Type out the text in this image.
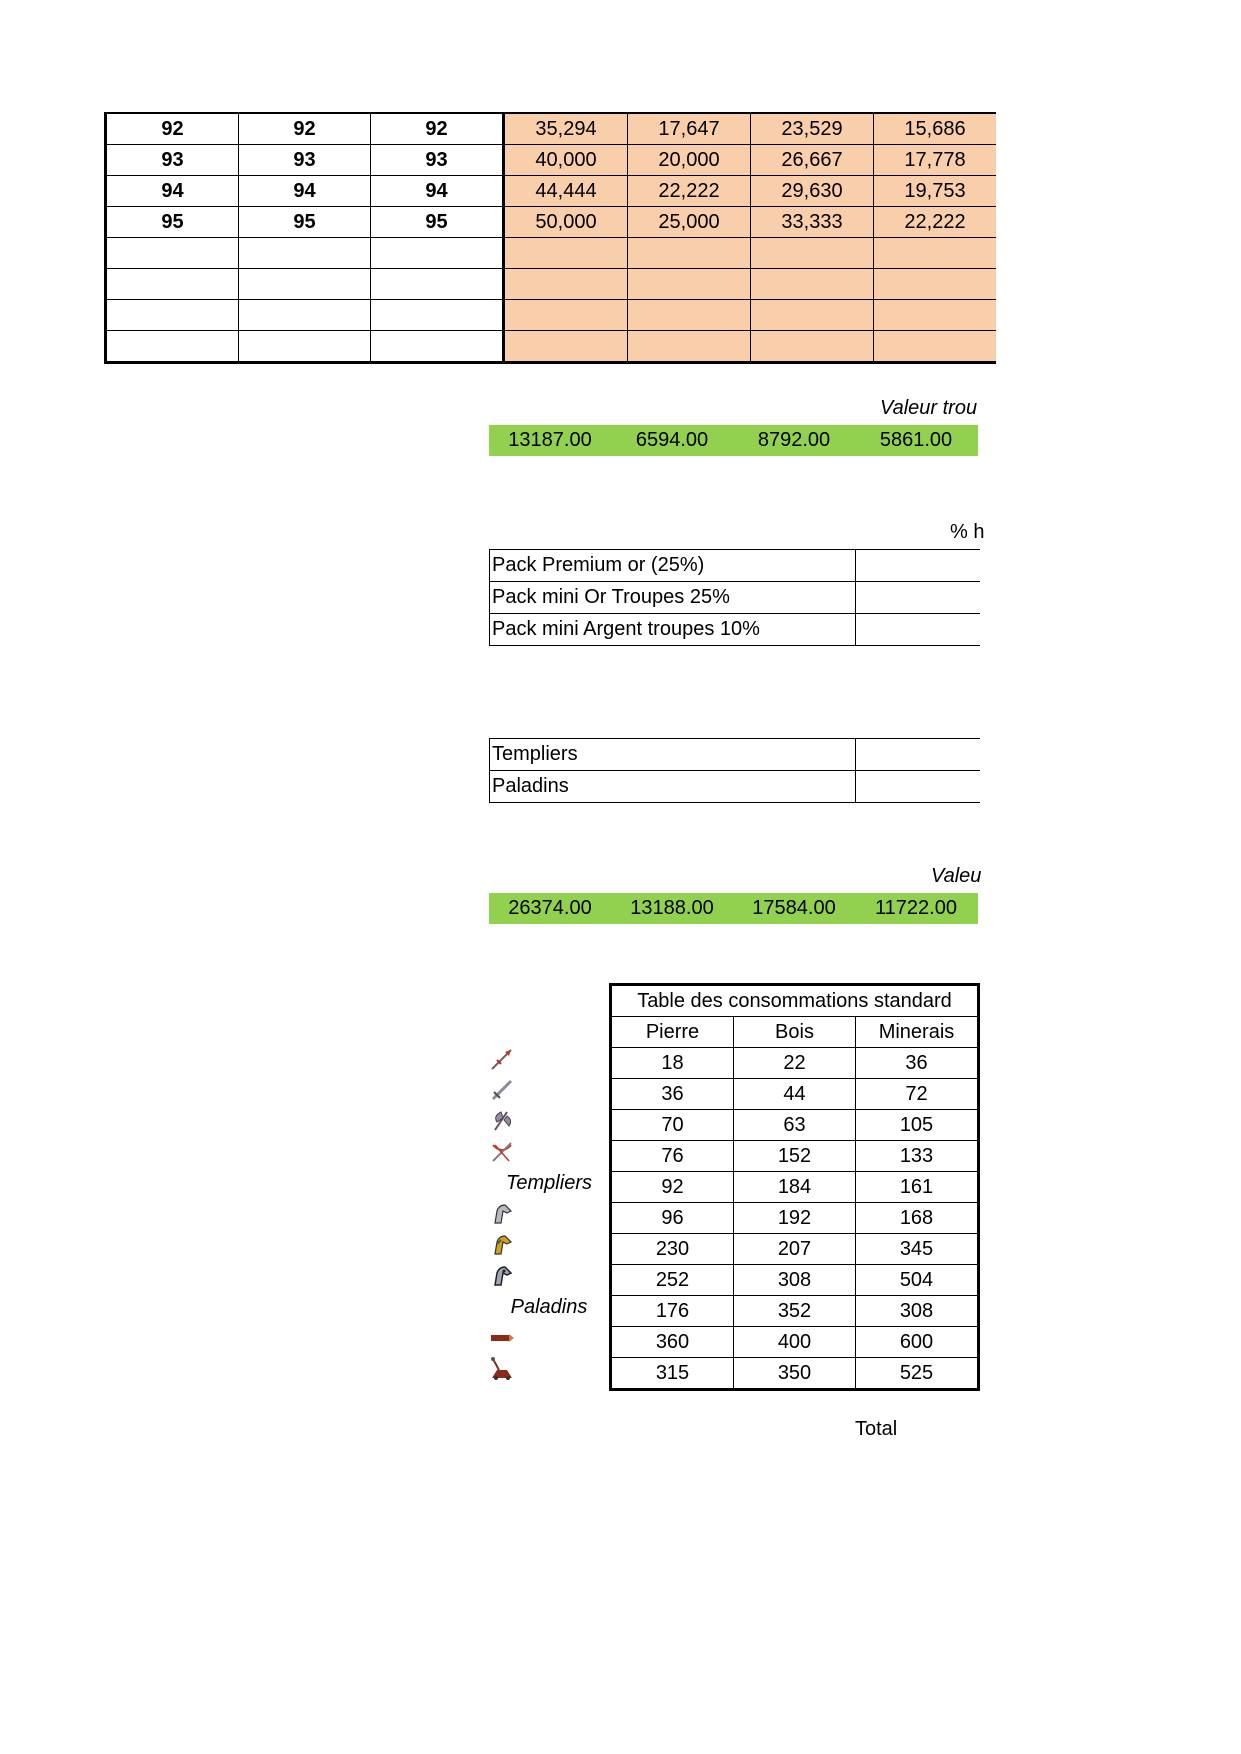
92	92	92	35,294	17,647	23,529	15,686
93	93	93	40,000	20,000	26,667	17,778
94	94	94	44,444	22,222	29,630	19,753
95	95	95	50,000	25,000	33,333	22,222

Valeur trou
13187.00	6594.00	8792.00	5861.00
% h
Pack Premium or (25%)	
Pack mini Or Troupes 25%	
Pack mini Argent troupes 10%	
Templiers	
Paladins	
Valeu
26374.00	13188.00	17584.00	11722.00
Table des consommations standard		
Pierre	Bois	Minerais
18	22	36
36	44	72
70	63	105
76	152	133
92	184	161
96	192	168
230	207	345
252	308	504
176	352	308
360	400	600
315	350	525
Templiers
Paladins
Total
